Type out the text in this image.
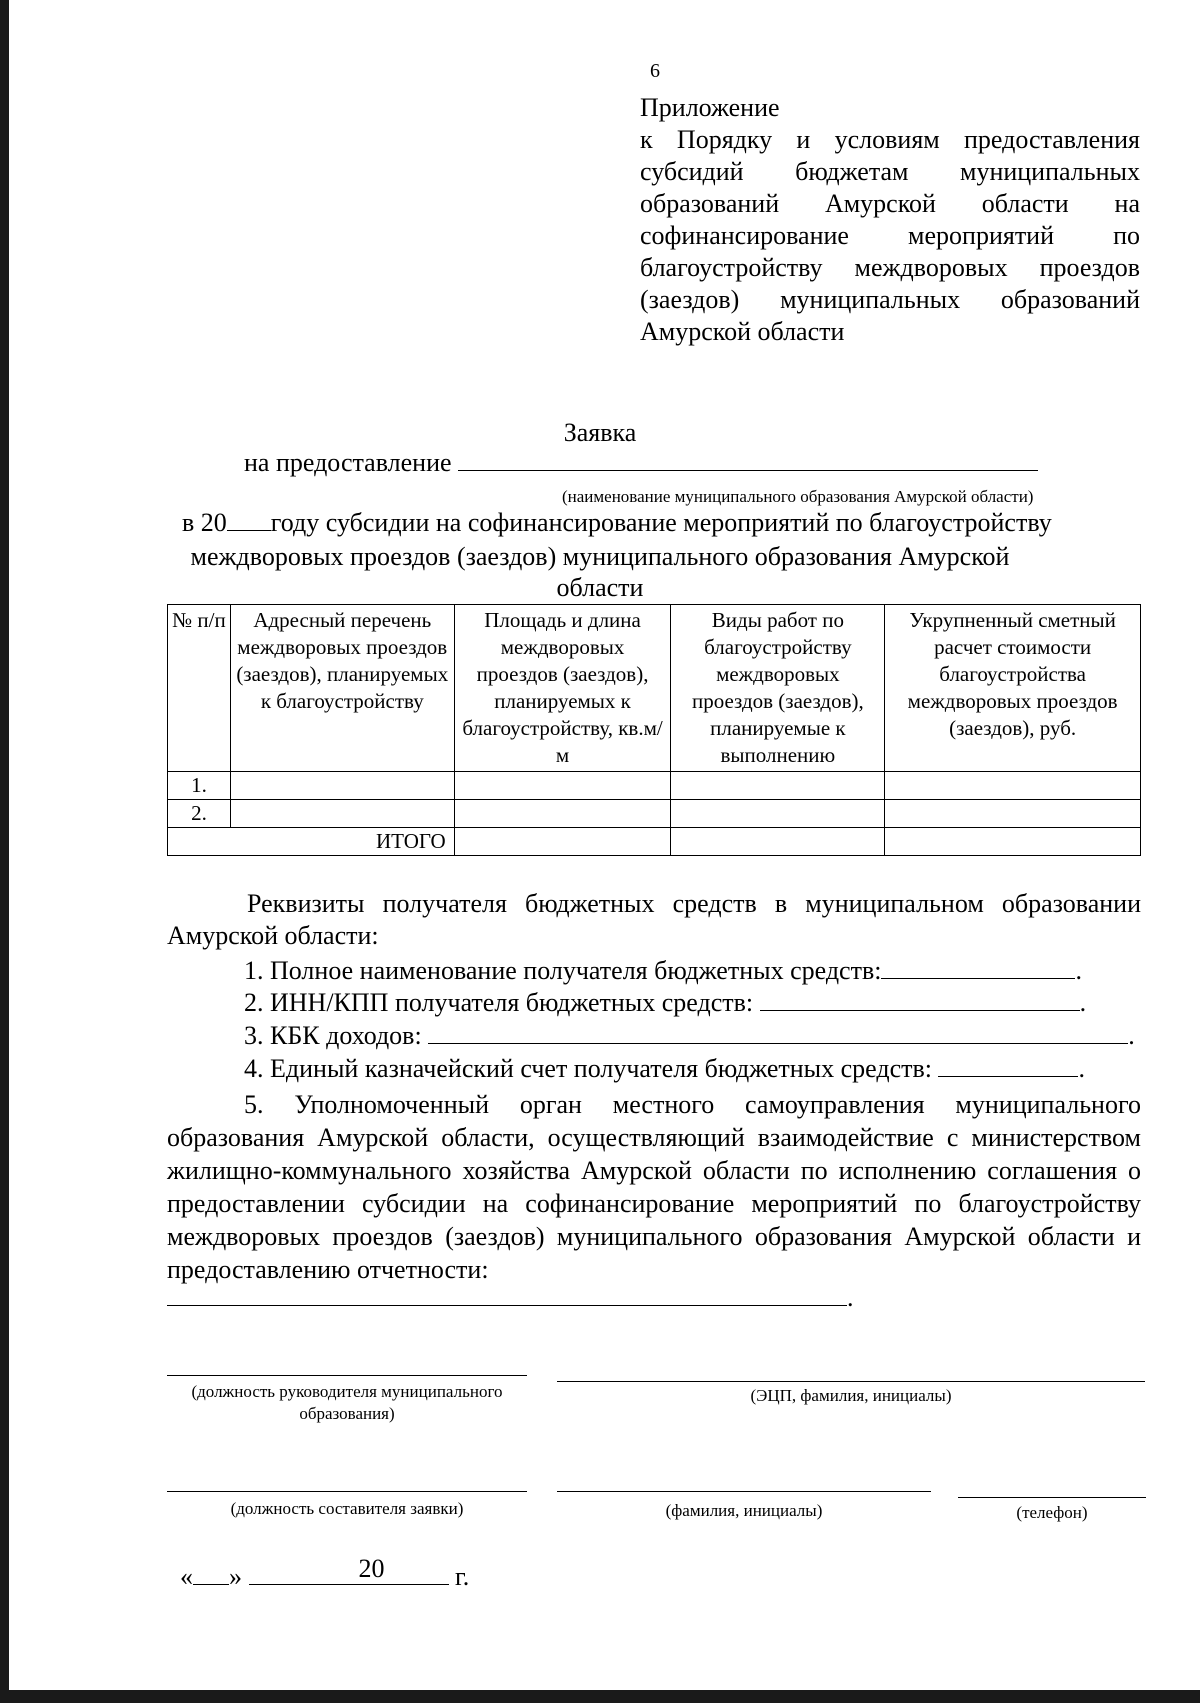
6
Приложение
к Порядку и условиям предоставления субсидий бюджетам муниципальных образований Амурской области на софинансирование мероприятий по благоустройству междворовых проездов (заездов) муниципальных образований Амурской области
Заявка
на предоставление
(наименование муниципального образования Амурской области)
в 20 году субсидии на софинансирование мероприятий по благоустройству
междворовых проездов (заездов) муниципального образования Амурской
области
№ п/п	Адресный перечень междворовых проездов (заездов), планируемых к благоустройству	Площадь и длина междворовых проездов (заездов), планируемых к благоустройству, кв.м/м	Виды работ по благоустройству междворовых проездов (заездов), планируемые к выполнению	Укрупненный сметный расчет стоимости благоустройства междворовых проездов (заездов), руб.
1.				
2.				
ИТОГО				
Реквизиты получателя бюджетных средств в муниципальном образовании Амурской области:
1. Полное наименование получателя бюджетных средств:	.
2. ИНН/КПП получателя бюджетных средств:	.
3. КБК доходов:	.
4. Единый казначейский счет получателя бюджетных средств:	.
5. Уполномоченный орган местного самоуправления муниципального образования Амурской области, осуществляющий взаимодействие с министерством жилищно-коммунального хозяйства Амурской области по исполнению соглашения о предоставлении субсидии на софинансирование мероприятий по благоустройству междворовых проездов (заездов) муниципального образования Амурской области и предоставлению отчетности:
.
(должность руководителя муниципального образования)
(ЭЦП, фамилия, инициалы)
(должность составителя заявки)	(фамилия, инициалы)	(телефон)
« »	20	г.
